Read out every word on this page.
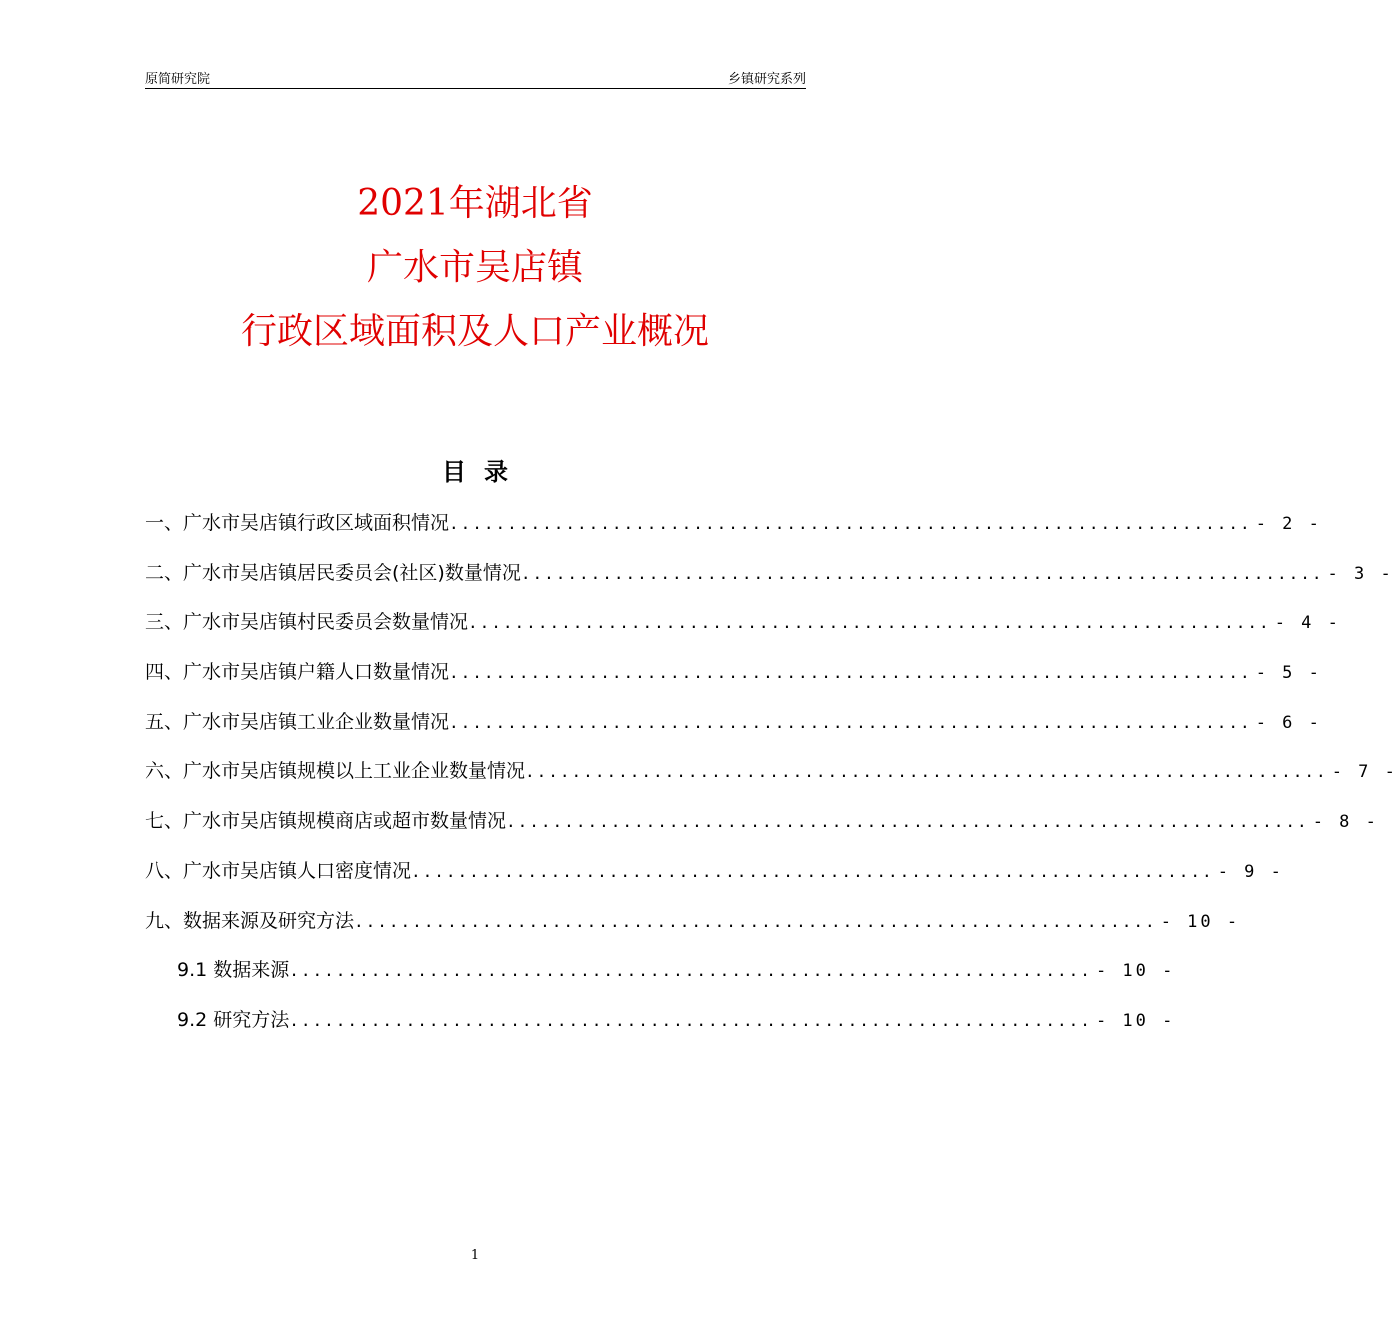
原简研究院	乡镇研究系列
2021年湖北省
广水市吴店镇
行政区域面积及人口产业概况
目录
一、广水市吴店镇行政区域面积情况 ..................................................................... - 2 -
二、广水市吴店镇居民委员会(社区)数量情况 ..................................................................... - 3 -
三、广水市吴店镇村民委员会数量情况 ..................................................................... - 4 -
四、广水市吴店镇户籍人口数量情况 ..................................................................... - 5 -
五、广水市吴店镇工业企业数量情况 ..................................................................... - 6 -
六、广水市吴店镇规模以上工业企业数量情况 ..................................................................... - 7 -
七、广水市吴店镇规模商店或超市数量情况 ..................................................................... - 8 -
八、广水市吴店镇人口密度情况 ..................................................................... - 9 -
九、数据来源及研究方法 ..................................................................... - 10 -
9.1 数据来源 ..................................................................... - 10 -
9.2 研究方法 ..................................................................... - 10 -
1
